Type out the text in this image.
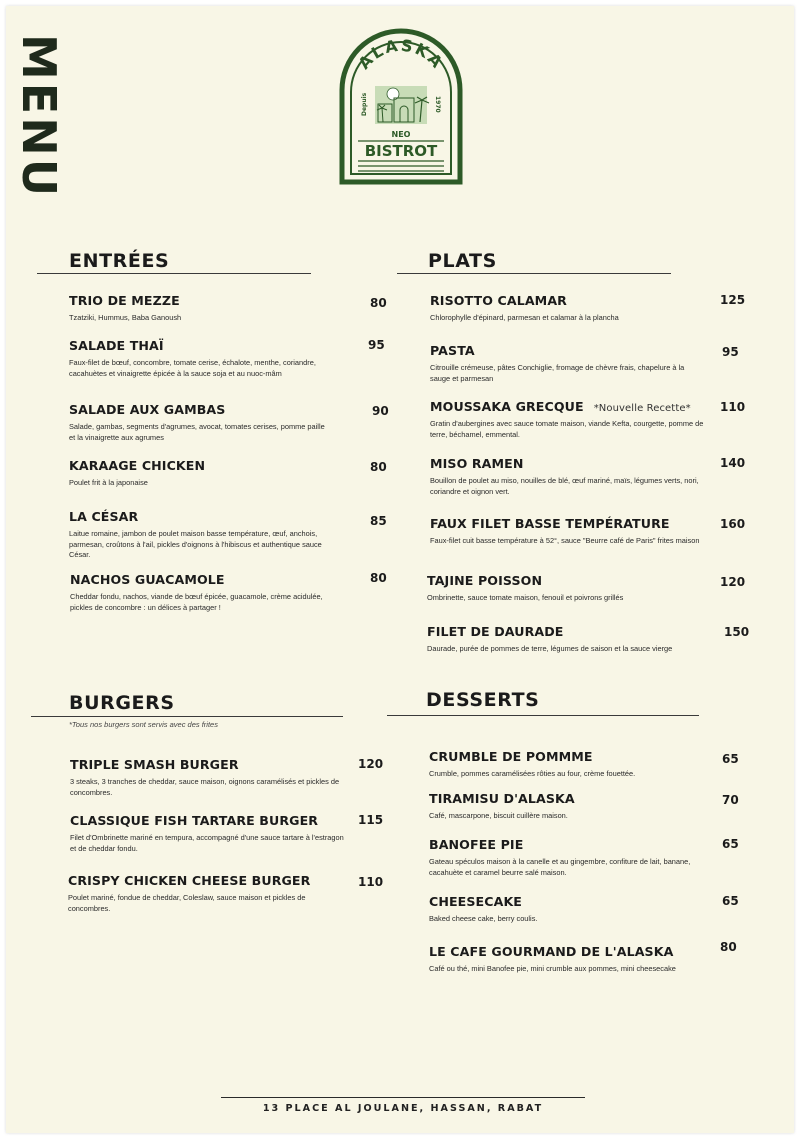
MENU	ALASKA
Depuis	1970
NEO
BISTROT
ENTRÉES
TRIO DE MEZZE
Tzatziki, Hummus, Baba Ganoush
80
SALADE THAÏ
Faux-filet de bœuf, concombre, tomate cerise, échalote, menthe, coriandre, cacahuètes et vinaigrette épicée à la sauce soja et au nuoc-mâm
95
SALADE AUX GAMBAS
Salade, gambas, segments d'agrumes, avocat, tomates cerises, pomme paille et la vinaigrette aux agrumes
90
KARAAGE CHICKEN
Poulet frit à la japonaise
80
LA CÉSAR
Laitue romaine, jambon de poulet maison basse température, œuf, anchois, parmesan, croûtons à l'ail, pickles d'oignons à l'hibiscus et authentique sauce César.
85
NACHOS GUACAMOLE
Cheddar fondu, nachos, viande de bœuf épicée, guacamole, crème acidulée, pickles de concombre : un délices à partager !
80
PLATS
RISOTTO CALAMAR
Chlorophylle d'épinard, parmesan et calamar à la plancha
125
PASTA
Citrouille crémeuse, pâtes Conchiglie, fromage de chèvre frais, chapelure à la sauge et parmesan
95
MOUSSAKA GRECQUE *Nouvelle Recette*
Gratin d'aubergines avec sauce tomate maison, viande Kefta, courgette, pomme de terre, béchamel, emmental.
110
MISO RAMEN
Bouillon de poulet au miso, nouilles de blé, œuf mariné, maïs, légumes verts, nori, coriandre et oignon vert.
140
FAUX FILET BASSE TEMPÉRATURE
Faux-filet cuit basse température à 52°, sauce "Beurre café de Paris" frites maison
160
TAJINE POISSON
Ombrinette, sauce tomate maison, fenouil et poivrons grillés
120
FILET DE DAURADE
Daurade, purée de pommes de terre, légumes de saison et la sauce vierge
150
BURGERS
*Tous nos burgers sont servis avec des frites
TRIPLE SMASH BURGER
3 steaks, 3 tranches de cheddar, sauce maison, oignons caramélisés et pickles de concombres.
120
CLASSIQUE FISH TARTARE BURGER
Filet d'Ombrinette mariné en tempura, accompagné d'une sauce tartare à l'estragon et de cheddar fondu.
115
CRISPY CHICKEN CHEESE BURGER
Poulet mariné, fondue de cheddar, Coleslaw, sauce maison et pickles de concombres.
110
DESSERTS
CRUMBLE DE POMMME
Crumble, pommes caramélisées rôties au four, crème fouettée.
65
TIRAMISU D'ALASKA
Café, mascarpone, biscuit cuillère maison.
70
BANOFEE PIE
Gateau spéculos maison à la canelle et au gingembre, confiture de lait, banane, cacahuète et caramel beurre salé maison.
65
CHEESECAKE
Baked cheese cake, berry coulis.
65
LE CAFE GOURMAND DE L'ALASKA
Café ou thé, mini Banofee pie, mini crumble aux pommes, mini cheesecake
80
13 PLACE AL JOULANE, HASSAN, RABAT
